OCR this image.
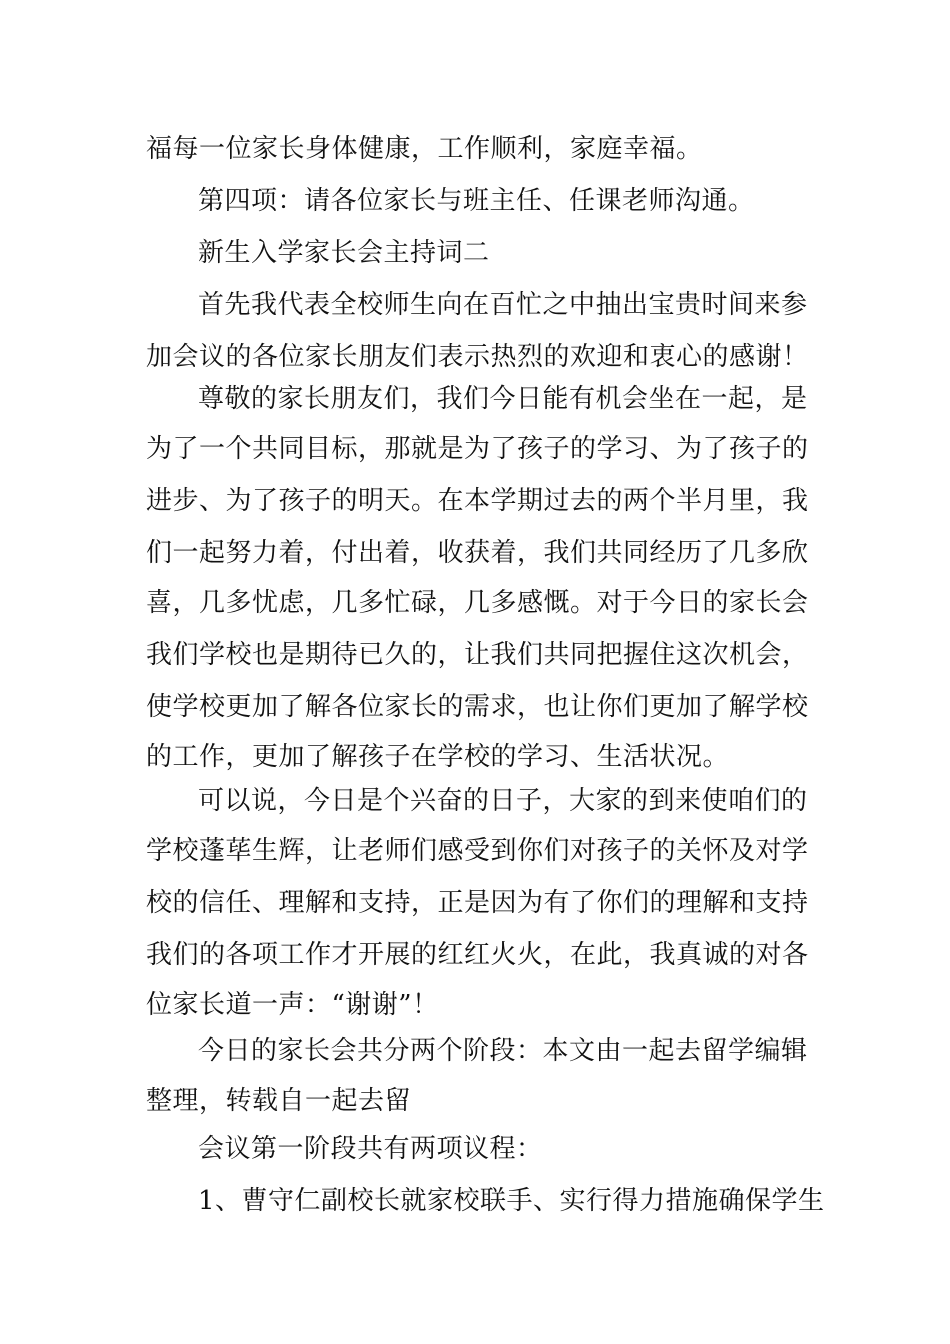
福每一位家长身体健康，工作顺利，家庭幸福。
第四项：请各位家长与班主任、任课老师沟通。
新生入学家长会主持词二
首先我代表全校师生向在百忙之中抽出宝贵时间来参
加会议的各位家长朋友们表示热烈的欢迎和衷心的感谢！
尊敬的家长朋友们，我们今日能有机会坐在一起，是
为了一个共同目标，那就是为了孩子的学习、为了孩子的
进步、为了孩子的明天。在本学期过去的两个半月里，我
们一起努力着，付出着，收获着，我们共同经历了几多欣
喜，几多忧虑，几多忙碌，几多感慨。对于今日的家长会
我们学校也是期待已久的，让我们共同把握住这次机会，
使学校更加了解各位家长的需求，也让你们更加了解学校
的工作，更加了解孩子在学校的学习、生活状况。
可以说，今日是个兴奋的日子，大家的到来使咱们的
学校蓬荜生辉，让老师们感受到你们对孩子的关怀及对学
校的信任、理解和支持，正是因为有了你们的理解和支持
我们的各项工作才开展的红红火火，在此，我真诚的对各
位家长道一声：“谢谢”！
今日的家长会共分两个阶段：本文由一起去留学编辑
整理，转载自一起去留
会议第一阶段共有两项议程：
1、曹守仁副校长就家校联手、实行得力措施确保学生
